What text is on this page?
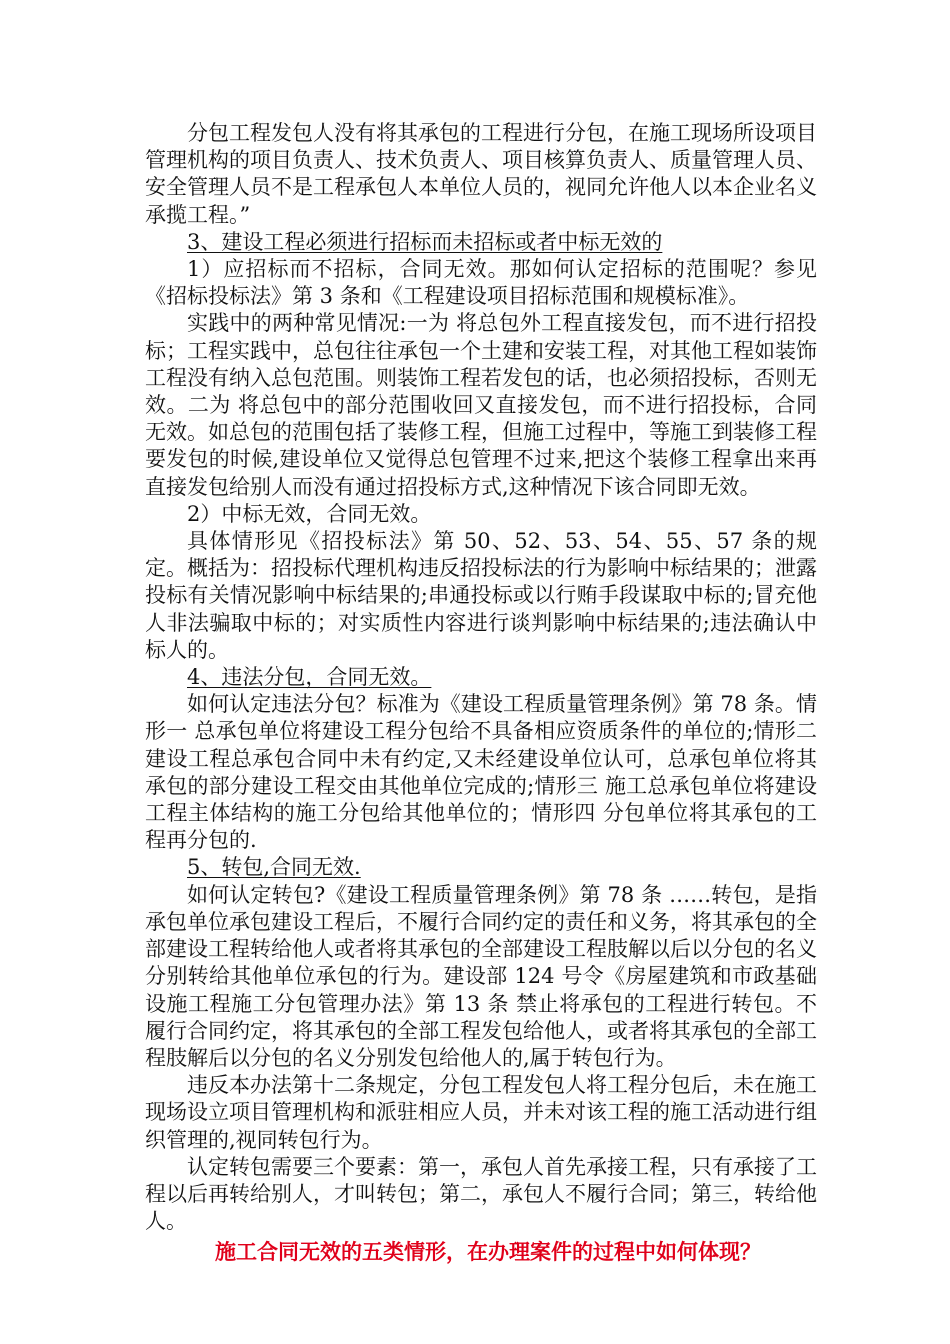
分包工程发包人没有将其承包的工程进行分包，在施工现场所设项目管理机构的项目负责人、技术负责人、项目核算负责人、质量管理人员、安全管理人员不是工程承包人本单位人员的，视同允许他人以本企业名义承揽工程。”

3、建设工程必须进行招标而未招标或者中标无效的

1）应招标而不招标，合同无效。那如何认定招标的范围呢？参见《招标投标法》第 3 条和《工程建设项目招标范围和规模标准》。

实践中的两种常见情况:一为 将总包外工程直接发包，而不进行招投标；工程实践中，总包往往承包一个土建和安装工程，对其他工程如装饰工程没有纳入总包范围。则装饰工程若发包的话，也必须招投标，否则无效。二为 将总包中的部分范围收回又直接发包，而不进行招投标，合同无效。如总包的范围包括了装修工程，但施工过程中，等施工到装修工程要发包的时候,建设单位又觉得总包管理不过来,把这个装修工程拿出来再直接发包给别人而没有通过招投标方式,这种情况下该合同即无效。

2）中标无效，合同无效。

具体情形见《招投标法》第 50、52、53、54、55、57 条的规定。概括为：招投标代理机构违反招投标法的行为影响中标结果的；泄露投标有关情况影响中标结果的;串通投标或以行贿手段谋取中标的;冒充他人非法骗取中标的；对实质性内容进行谈判影响中标结果的;违法确认中标人的。

4、违法分包，合同无效。

如何认定违法分包？标准为《建设工程质量管理条例》第 78 条。情形一 总承包单位将建设工程分包给不具备相应资质条件的单位的;情形二 建设工程总承包合同中未有约定,又未经建设单位认可，总承包单位将其承包的部分建设工程交由其他单位完成的;情形三 施工总承包单位将建设工程主体结构的施工分包给其他单位的；情形四 分包单位将其承包的工程再分包的.

5、转包,合同无效.

如何认定转包?《建设工程质量管理条例》第 78 条 ……转包，是指承包单位承包建设工程后，不履行合同约定的责任和义务，将其承包的全部建设工程转给他人或者将其承包的全部建设工程肢解以后以分包的名义分别转给其他单位承包的行为。建设部 124 号令《房屋建筑和市政基础设施工程施工分包管理办法》第 13 条 禁止将承包的工程进行转包。不履行合同约定，将其承包的全部工程发包给他人，或者将其承包的全部工程肢解后以分包的名义分别发包给他人的,属于转包行为。

违反本办法第十二条规定，分包工程发包人将工程分包后，未在施工现场设立项目管理机构和派驻相应人员，并未对该工程的施工活动进行组织管理的,视同转包行为。

认定转包需要三个要素：第一，承包人首先承接工程，只有承接了工程以后再转给别人，才叫转包；第二，承包人不履行合同；第三，转给他人。

施工合同无效的五类情形，在办理案件的过程中如何体现？
